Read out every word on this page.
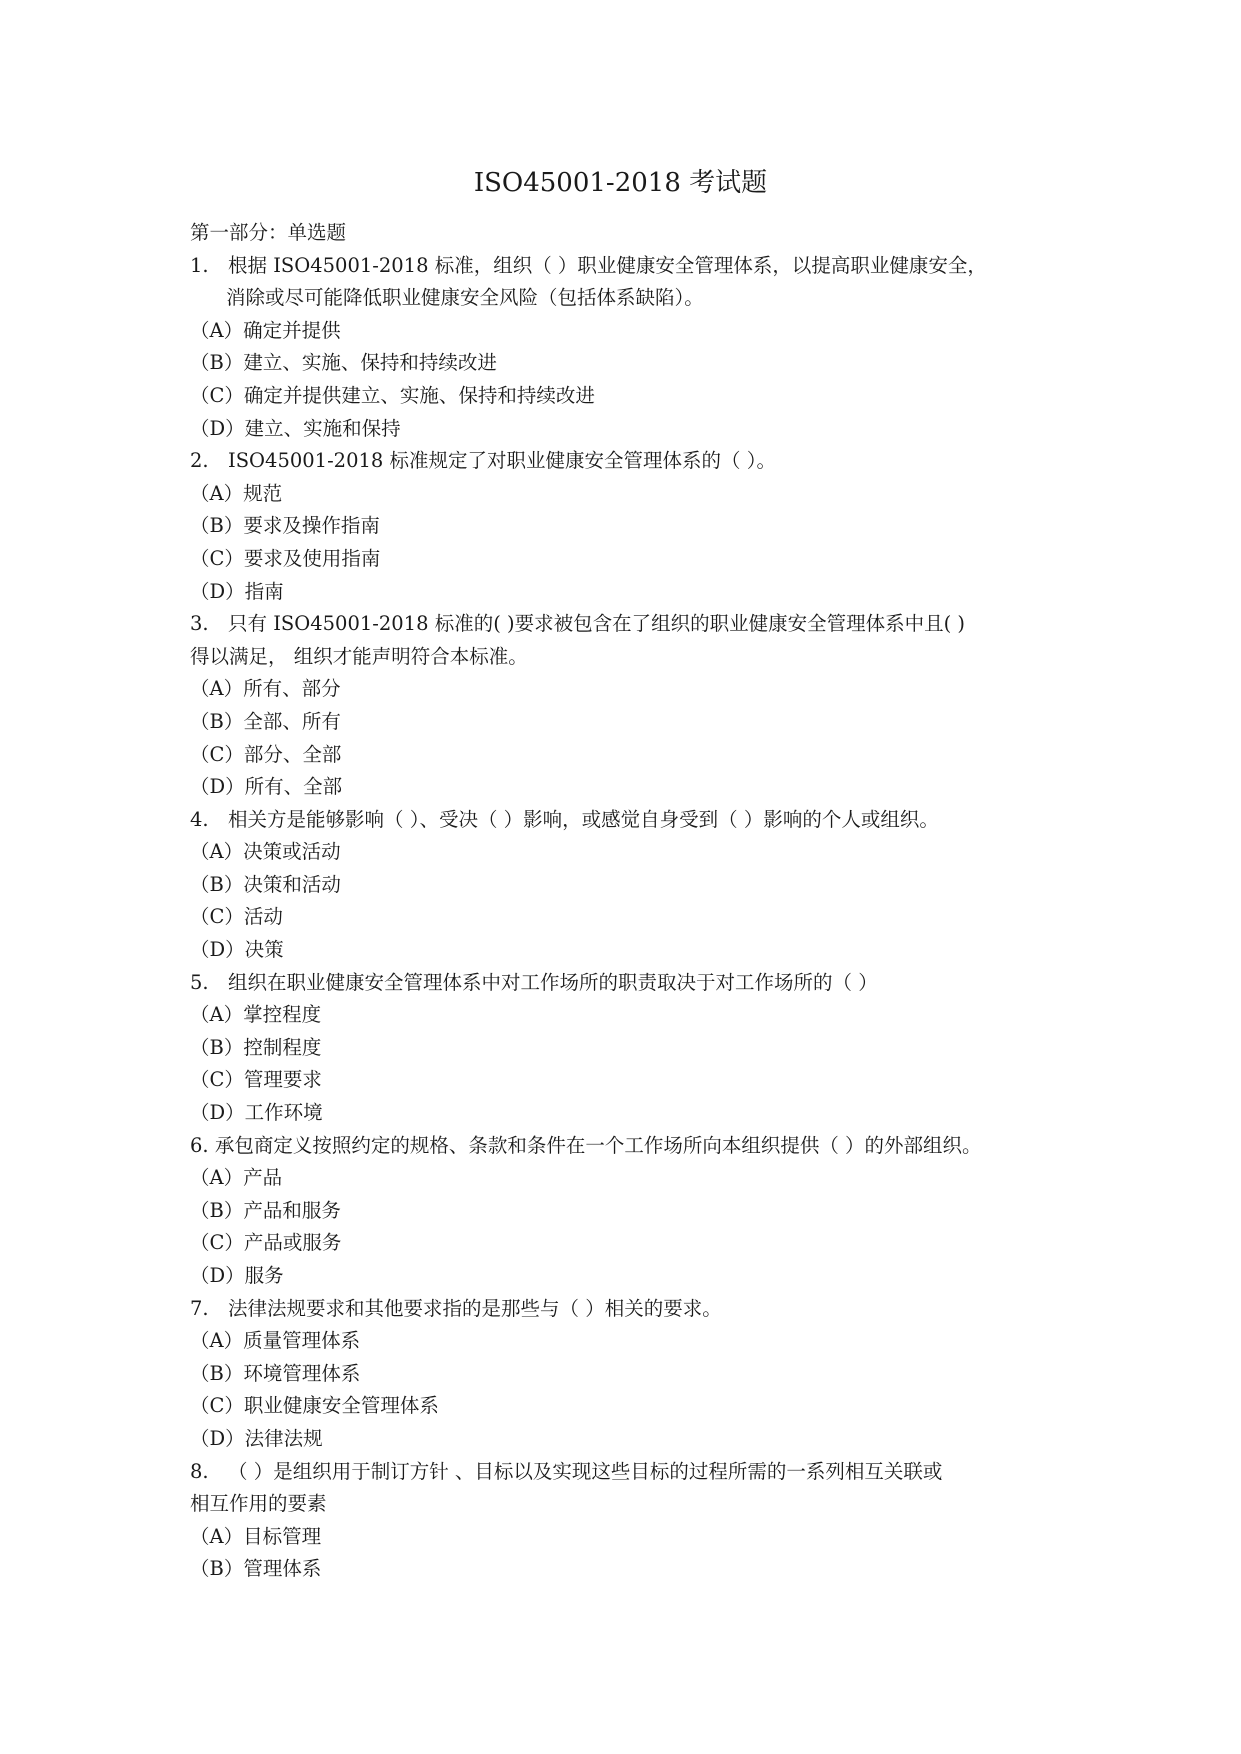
ISO45001-2018 考试题
第一部分：单选题
1. 根据 ISO45001-2018 标准，组织（ ）职业健康安全管理体系，以提高职业健康安全，
消除或尽可能降低职业健康安全风险（包括体系缺陷）。
（A）确定并提供
（B）建立、实施、保持和持续改进
（C）确定并提供建立、实施、保持和持续改进
（D）建立、实施和保持
2. ISO45001-2018 标准规定了对职业健康安全管理体系的（ ）。
（A）规范
（B）要求及操作指南
（C）要求及使用指南
（D）指南
3. 只有 ISO45001-2018 标准的( )要求被包含在了组织的职业健康安全管理体系中且( )
得以满足， 组织才能声明符合本标准。
（A）所有、部分
（B）全部、所有
（C）部分、全部
（D）所有、全部
4. 相关方是能够影响（ ）、受决（ ）影响，或感觉自身受到（ ）影响的个人或组织。
（A）决策或活动
（B）决策和活动
（C）活动
（D）决策
5. 组织在职业健康安全管理体系中对工作场所的职责取决于对工作场所的（ ）
（A）掌控程度
（B）控制程度
（C）管理要求
（D）工作环境
6. 承包商定义按照约定的规格、条款和条件在一个工作场所向本组织提供（ ）的外部组织。
（A）产品
（B）产品和服务
（C）产品或服务
（D）服务
7. 法律法规要求和其他要求指的是那些与（ ）相关的要求。
（A）质量管理体系
（B）环境管理体系
（C）职业健康安全管理体系
（D）法律法规
8. （ ）是组织用于制订方针 、目标以及实现这些目标的过程所需的一系列相互关联或
相互作用的要素
（A）目标管理
（B）管理体系
